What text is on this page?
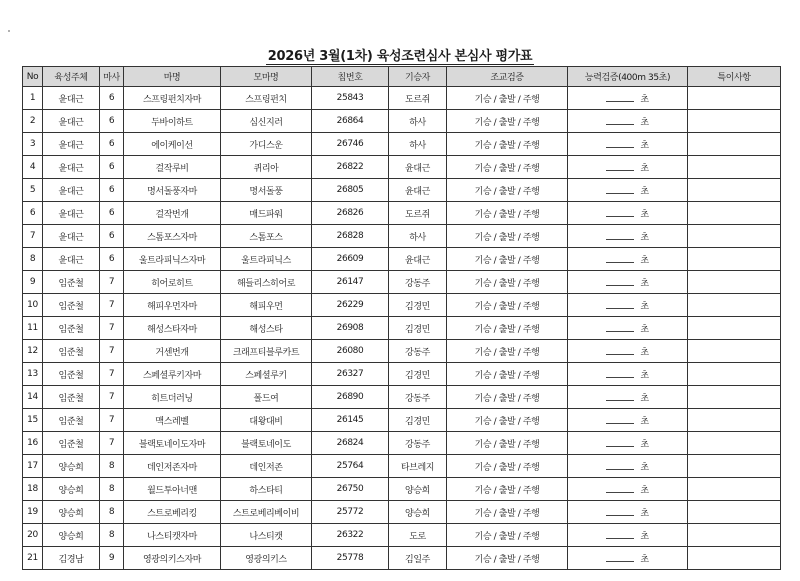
2026년 3월(1차) 육성조련심사 본심사 평가표
No	육성주체	마사	마명	모마명	칩번호	기승자	조교검증	능력검증(400m 35초)	특이사항
1	윤대근	6	스프링펀치자마	스프링펀치	25843	도르쥐	기승 / 출발 / 주행	초	
2	윤대근	6	두바이하트	심신지러	26864	하사	기승 / 출발 / 주행	초	
3	윤대근	6	에이케이선	가디스운	26746	하사	기승 / 출발 / 주행	초	
4	윤대근	6	걸작루비	퀴리아	26822	윤대근	기승 / 출발 / 주행	초	
5	윤대근	6	명서돌풍자마	명서돌풍	26805	윤대근	기승 / 출발 / 주행	초	
6	윤대근	6	걸작번개	매드파워	26826	도르쥐	기승 / 출발 / 주행	초	
7	윤대근	6	스톰포스자마	스톰포스	26828	하사	기승 / 출발 / 주행	초	
8	윤대근	6	울트라피닉스자마	울트라피닉스	26609	윤대근	기승 / 출발 / 주행	초	
9	임준철	7	히어로히트	해들리스히어로	26147	강동주	기승 / 출발 / 주행	초	
10	임준철	7	해피우먼자마	해피우먼	26229	김경민	기승 / 출발 / 주행	초	
11	임준철	7	해성스타자마	해성스타	26908	김경민	기승 / 출발 / 주행	초	
12	임준철	7	거센번개	크래프티블루카트	26080	강동주	기승 / 출발 / 주행	초	
13	임준철	7	스페셜루키자마	스페셜루키	26327	김경민	기승 / 출발 / 주행	초	
14	임준철	7	히트더러닝	폴드여	26890	강동주	기승 / 출발 / 주행	초	
15	임준철	7	맥스레벨	대왕대비	26145	김경민	기승 / 출발 / 주행	초	
16	임준철	7	블랙토네이도자마	블랙토네이도	26824	강동주	기승 / 출발 / 주행	초	
17	양승희	8	데인저존자마	데인저존	25764	타브레지	기승 / 출발 / 주행	초	
18	양승희	8	월드투아너맨	하스타티	26750	양승희	기승 / 출발 / 주행	초	
19	양승희	8	스트로베리킹	스트로베리베이비	25772	양승희	기승 / 출발 / 주행	초	
20	양승희	8	나스티캣자마	나스티캣	26322	도로	기승 / 출발 / 주행	초	
21	김경남	9	영광의키스자마	영광의키스	25778	김일주	기승 / 출발 / 주행	초	
